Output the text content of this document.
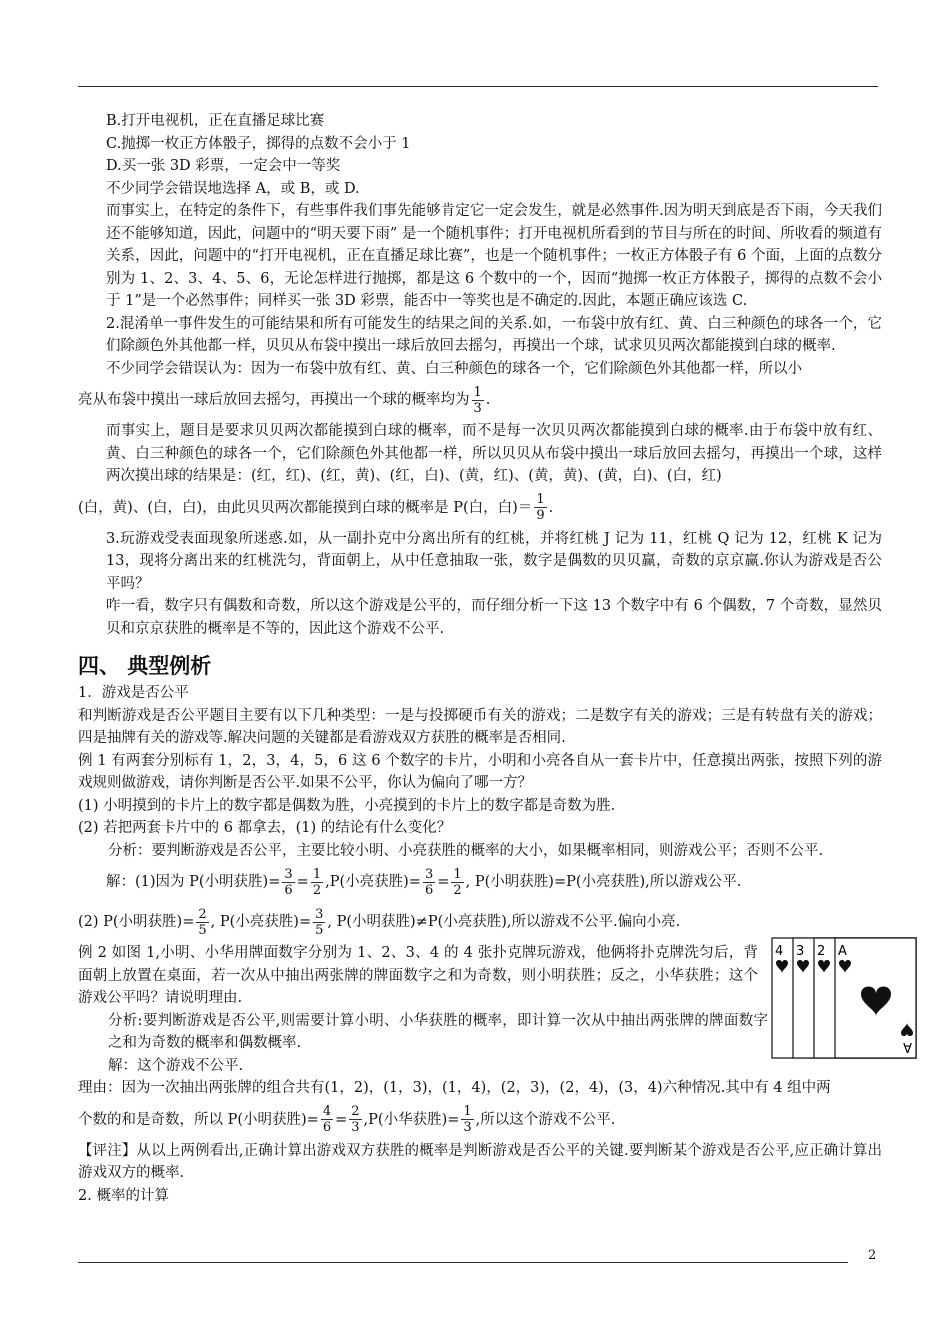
B.打开电视机，正在直播足球比赛

C.抛掷一枚正方体骰子，掷得的点数不会小于 1

D.买一张 3D 彩票，一定会中一等奖

不少同学会错误地选择 A，或 B，或 D.

而事实上，在特定的条件下，有些事件我们事先能够肯定它一定会发生，就是必然事件.因为明天到底是否下雨，今天我们还不能够知道，因此，问题中的“明天要下雨” 是一个随机事件；打开电视机所看到的节目与所在的时间、所收看的频道有关系，因此，问题中的“打开电视机，正在直播足球比赛”，也是一个随机事件；一枚正方体骰子有 6 个面，上面的点数分别为 1、2、3、4、5、6，无论怎样进行抛掷，都是这 6 个数中的一个，因而“抛掷一枚正方体骰子，掷得的点数不会小于 1”是一个必然事件；同样买一张 3D 彩票，能否中一等奖也是不确定的.因此，本题正确应该选 C.

2.混淆单一事件发生的可能结果和所有可能发生的结果之间的关系.如，一布袋中放有红、黄、白三种颜色的球各一个，它们除颜色外其他都一样，贝贝从布袋中摸出一球后放回去摇匀，再摸出一个球，试求贝贝两次都能摸到白球的概率.

不少同学会错误认为：因为一布袋中放有红、黄、白三种颜色的球各一个，它们除颜色外其他都一样，所以小

亮从布袋中摸出一球后放回去摇匀，再摸出一个球的概率均为 $\frac{1}{3}$ .

而事实上，题目是要求贝贝两次都能摸到白球的概率，而不是每一次贝贝两次都能摸到白球的概率.由于布袋中放有红、黄、白三种颜色的球各一个，它们除颜色外其他都一样，所以贝贝从布袋中摸出一球后放回去摇匀，再摸出一个球，这样两次摸出球的结果是：(红，红)、(红，黄)、(红，白)、(黄，红)、(黄，黄)、(黄，白)、(白，红)

(白，黄)、(白，白)，由此贝贝两次都能摸到白球的概率是 P(白，白)＝ $\frac{1}{9}$ .

3.玩游戏受表面现象所迷惑.如，从一副扑克中分离出所有的红桃，并将红桃 J 记为 11，红桃 Q 记为 12，红桃 K 记为 13，现将分离出来的红桃洗匀，背面朝上，从中任意抽取一张，数字是偶数的贝贝赢，奇数的京京赢.你认为游戏是否公平吗？

咋一看，数字只有偶数和奇数，所以这个游戏是公平的，而仔细分析一下这 13 个数字中有 6 个偶数，7 个奇数，显然贝贝和京京获胜的概率是不等的，因此这个游戏不公平.

四、 典型例析

1．游戏是否公平

和判断游戏是否公平题目主要有以下几种类型：一是与投掷硬币有关的游戏；二是数字有关的游戏；三是有转盘有关的游戏；四是抽牌有关的游戏等.解决问题的关键都是看游戏双方获胜的概率是否相同.

例 1 有两套分别标有 1，2，3，4，5，6 这 6 个数字的卡片，小明和小亮各自从一套卡片中，任意摸出两张，按照下列的游戏规则做游戏，请你判断是否公平.如果不公平，你认为偏向了哪一方？

(1) 小明摸到的卡片上的数字都是偶数为胜，小亮摸到的卡片上的数字都是奇数为胜.

(2) 若把两套卡片中的 6 都拿去，(1) 的结论有什么变化？

分析：要判断游戏是否公平，主要比较小明、小亮获胜的概率的大小，如果概率相同，则游戏公平；否则不公平.

解：(1)因为 P(小明获胜)= $\frac{3}{6} = \frac{1}{2} ,P$(小亮获胜)= $\frac{3}{6} = \frac{1}{2}$ , P(小明获胜)=P(小亮获胜),所以游戏公平.

(2) P(小明获胜)= $\frac{2}{5}$ , P(小亮获胜)= $\frac{3}{5}$ , P(小明获胜)≠P(小亮获胜),所以游戏不公平.偏向小亮.

例 2 如图 1,小明、小华用牌面数字分别为 1、2、3、4 的 4 张扑克牌玩游戏，他俩将扑克牌洗匀后，背面朝上放置在桌面，若一次从中抽出两张牌的牌面数字之和为奇数，则小明获胜；反之，小华获胜；这个游戏公平吗？请说明理由.

分析:要判断游戏是否公平,则需要计算小明、小华获胜的概率，即计算一次从中抽出两张牌的牌面数字之和为奇数的概率和偶数概率.

解：这个游戏不公平.

理由：因为一次抽出两张牌的组合共有(1，2)，(1，3)，(1，4)，(2，3)，(2，4)，(3，4)六种情况.其中有 4 组中两

个数的和是奇数，所以 P(小明获胜)= $\frac{4}{6} = \frac{2}{3} ,P$(小华获胜)= $\frac{1}{3}$ ,所以这个游戏不公平.

【评注】从以上两例看出,正确计算出游戏双方获胜的概率是判断游戏是否公平的关键.要判断某个游戏是否公平,应正确计算出游戏双方的概率.

2. 概率的计算

4 3 2 A
A
2
